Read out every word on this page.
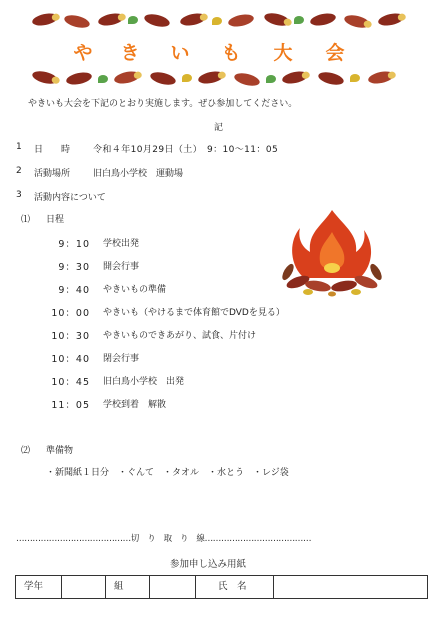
や き い も 大 会
やきいも大会を下記のとおり実施します。ぜひ参加してください。
記
1 日　　時	令和４年10月29日（土）　9：10〜11：05
2 活動場所	旧白鳥小学校　運動場
3 活動内容について
⑴ 日程
9：10 学校出発
9：30 開会行事
9：40 やきいもの準備
10：00 やきいも（やけるまで体育館でDVDを見る）
10：30 やきいものできあがり、試食、片付け
10：40 閉会行事
10：45 旧白鳥小学校　出発
11：05 学校到着　解散
⑵ 準備物
・新聞紙１日分　・ぐんて　・タオル　・水とう　・レジ袋
……………………………………切　り　取　り　線…………………………………
参加申し込み用紙
学年	組	氏　名
